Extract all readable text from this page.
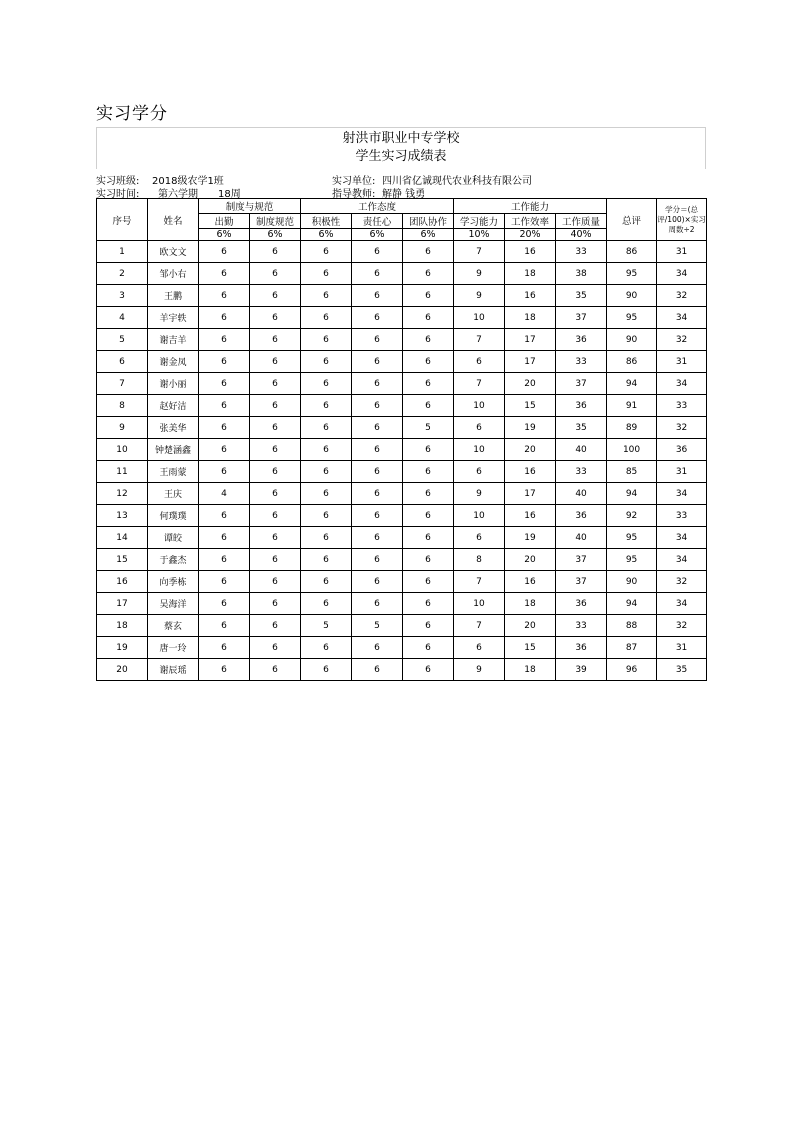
实习学分
射洪市职业中专学校
学生实习成绩表
实习班级: 2018级农学1班
实习时间: 第六学期 18周
实习单位: 四川省亿诚现代农业科技有限公司
指导教师: 解静 钱勇
序号	姓名	制度与规范		工作态度			工作能力			总评	学分＝(总评/100)×实习周数÷2
		出勤	制度规范	积极性	责任心	团队协作	学习能力	工作效率	工作质量		
		6%	6%	6%	6%	6%	10%	20%	40%		
1	欧文文	6	6	6	6	6	7	16	33	86	31
2	邹小右	6	6	6	6	6	9	18	38	95	34
3	王鹏	6	6	6	6	6	9	16	35	90	32
4	羊宇轶	6	6	6	6	6	10	18	37	95	34
5	谢吉羊	6	6	6	6	6	7	17	36	90	32
6	谢金凤	6	6	6	6	6	6	17	33	86	31
7	谢小丽	6	6	6	6	6	7	20	37	94	34
8	赵好洁	6	6	6	6	6	10	15	36	91	33
9	张美华	6	6	6	6	5	6	19	35	89	32
10	钟楚涵鑫	6	6	6	6	6	10	20	40	100	36
11	王雨蒙	6	6	6	6	6	6	16	33	85	31
12	王庆	4	6	6	6	6	9	17	40	94	34
13	何璞璞	6	6	6	6	6	10	16	36	92	33
14	谭皎	6	6	6	6	6	6	19	40	95	34
15	于鑫杰	6	6	6	6	6	8	20	37	95	34
16	向季栋	6	6	6	6	6	7	16	37	90	32
17	吴海洋	6	6	6	6	6	10	18	36	94	34
18	蔡玄	6	6	5	5	6	7	20	33	88	32
19	唐一玲	6	6	6	6	6	6	15	36	87	31
20	谢辰瑶	6	6	6	6	6	9	18	39	96	35
